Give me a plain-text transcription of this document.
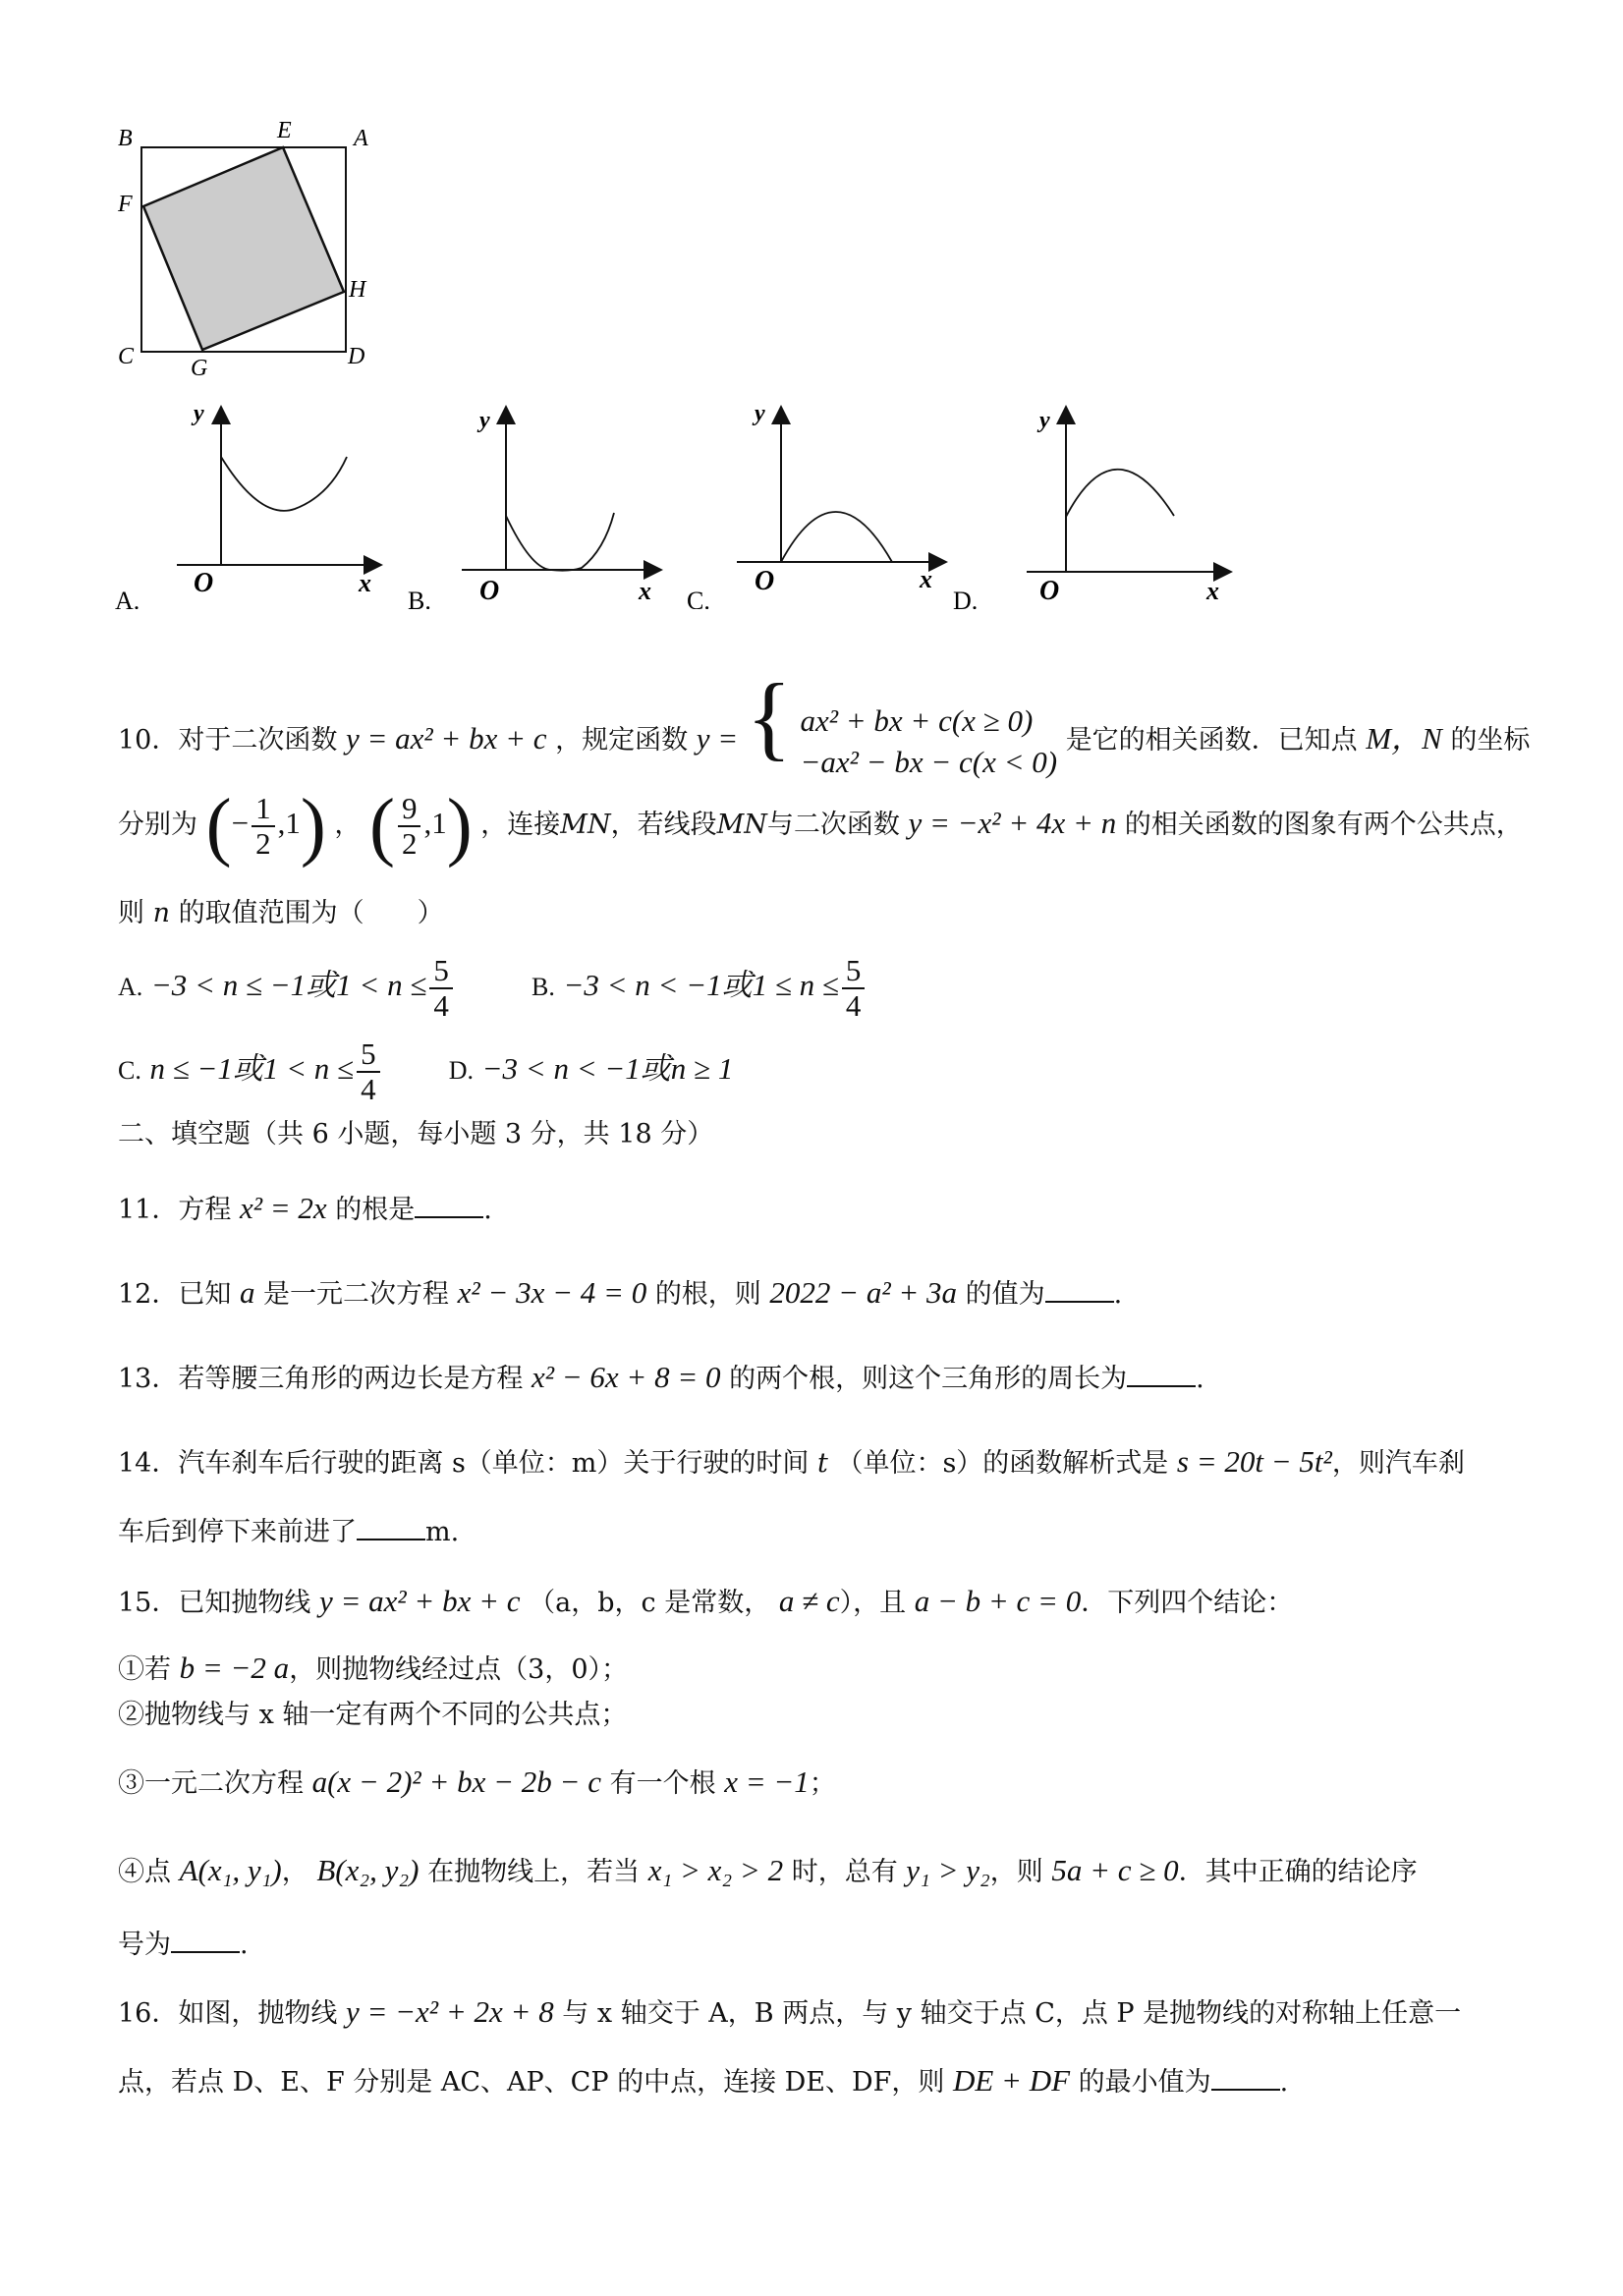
B	E	A
F
H
C G	D
A.
y
O	x
B.
y
O	x C.
y
O	x
D.
y
O	x
10．对于二次函数 y = ax² + bx + c ，规定函数 y = { ax² + bx + c(x ≥ 0)
−ax² − bx − c(x < 0)
是它的相关函数．已知点 M，N 的坐标
分别为 (− $\frac{1}{2} ,1$) ， ( $\frac{9}{2} ,1$) ，连接MN，若线段MN与二次函数 y = −x² + 4x + n 的相关函数的图象有两个公共点，
则 n 的取值范围为（　　）
A. −3 < n ≤ −1或$1 < n \le \frac{5}{4}$	B. −3 < n < −1或$1 \le n \le \frac{5}{4}$
C. n ≤ −1或$1 < n \le \frac{5}{4}$	D. −3 < n < −1或n ≥ 1
二、填空题（共 6 小题，每小题 3 分，共 18 分）
11．方程 x² = 2x 的根是	.
12．已知 a 是一元二次方程 x² − 3x − 4 = 0 的根，则 2022 − a² + 3a 的值为	.
13．若等腰三角形的两边长是方程 x² − 6x + 8 = 0 的两个根，则这个三角形的周长为	.
14．汽车刹车后行驶的距离 s（单位：m）关于行驶的时间 t （单位：s）的函数解析式是 s = 20t − 5t²，则汽车刹
车后到停下来前进了	m.
15．已知抛物线 y = ax² + bx + c （a，b，c 是常数， a ≠ c），且 a − b + c = 0．下列四个结论：
①若 b = −2 a，则抛物线经过点（3，0）；
②抛物线与 x 轴一定有两个不同的公共点；
③一元二次方程 a(x − 2)² + bx − 2b − c 有一个根 x = −1；
④点 A(x₁, y₁)， B(x₂, y₂) 在抛物线上，若当 x₁ > x₂ > 2 时，总有 y₁ > y₂，则 5a + c ≥ 0．其中正确的结论序
号为	.
16．如图，抛物线 y = −x² + 2x + 8 与 x 轴交于 A，B 两点，与 y 轴交于点 C，点 P 是抛物线的对称轴上任意一
点，若点 D、E、F 分别是 AC、AP、CP 的中点，连接 DE、DF，则 DE + DF 的最小值为	.
